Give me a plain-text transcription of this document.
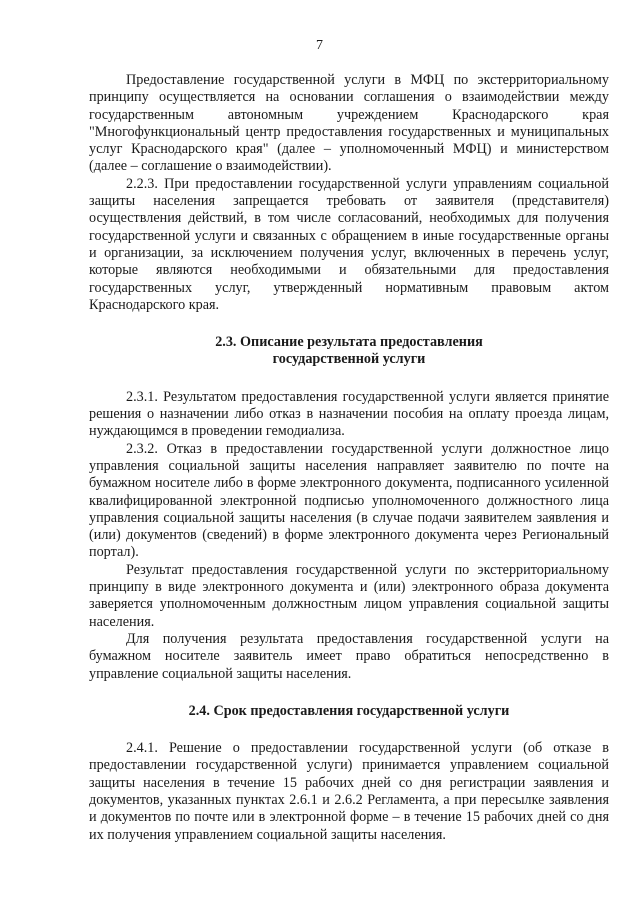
7

Предоставление государственной услуги в МФЦ по экстерриториальному принципу осуществляется на основании соглашения о взаимодействии между государственным автономным учреждением Краснодарского края "Многофункциональный центр предоставления государственных и муниципальных услуг Краснодарского края" (далее – уполномоченный МФЦ) и министерством (далее – соглашение о взаимодействии).

2.2.3. При предоставлении государственной услуги управлениям социальной защиты населения запрещается требовать от заявителя (представителя) осуществления действий, в том числе согласований, необходимых для получения государственной услуги и связанных с обращением в иные государственные органы и организации, за исключением получения услуг, включенных в перечень услуг, которые являются необходимыми и обязательными для предоставления государственных услуг, утвержденный нормативным правовым актом Краснодарского края.

2.3. Описание результата предоставления
государственной услуги

2.3.1. Результатом предоставления государственной услуги является принятие решения о назначении либо отказ в назначении пособия на оплату проезда лицам, нуждающимся в проведении гемодиализа.

2.3.2. Отказ в предоставлении государственной услуги должностное лицо управления социальной защиты населения направляет заявителю по почте на бумажном носителе либо в форме электронного документа, подписанного усиленной квалифицированной электронной подписью уполномоченного должностного лица управления социальной защиты населения (в случае подачи заявителем заявления и (или) документов (сведений) в форме электронного документа через Региональный портал).

Результат предоставления государственной услуги по экстерриториальному принципу в виде электронного документа и (или) электронного образа документа заверяется уполномоченным должностным лицом управления социальной защиты населения.

Для получения результата предоставления государственной услуги на бумажном носителе заявитель имеет право обратиться непосредственно в управление социальной защиты населения.

2.4. Срок предоставления государственной услуги

2.4.1. Решение о предоставлении государственной услуги (об отказе в предоставлении государственной услуги) принимается управлением социальной защиты населения в течение 15 рабочих дней со дня регистрации заявления и документов, указанных пунктах 2.6.1 и 2.6.2 Регламента, а при пересылке заявления и документов по почте или в электронной форме – в течение 15 рабочих дней со дня их получения управлением социальной защиты населения.
